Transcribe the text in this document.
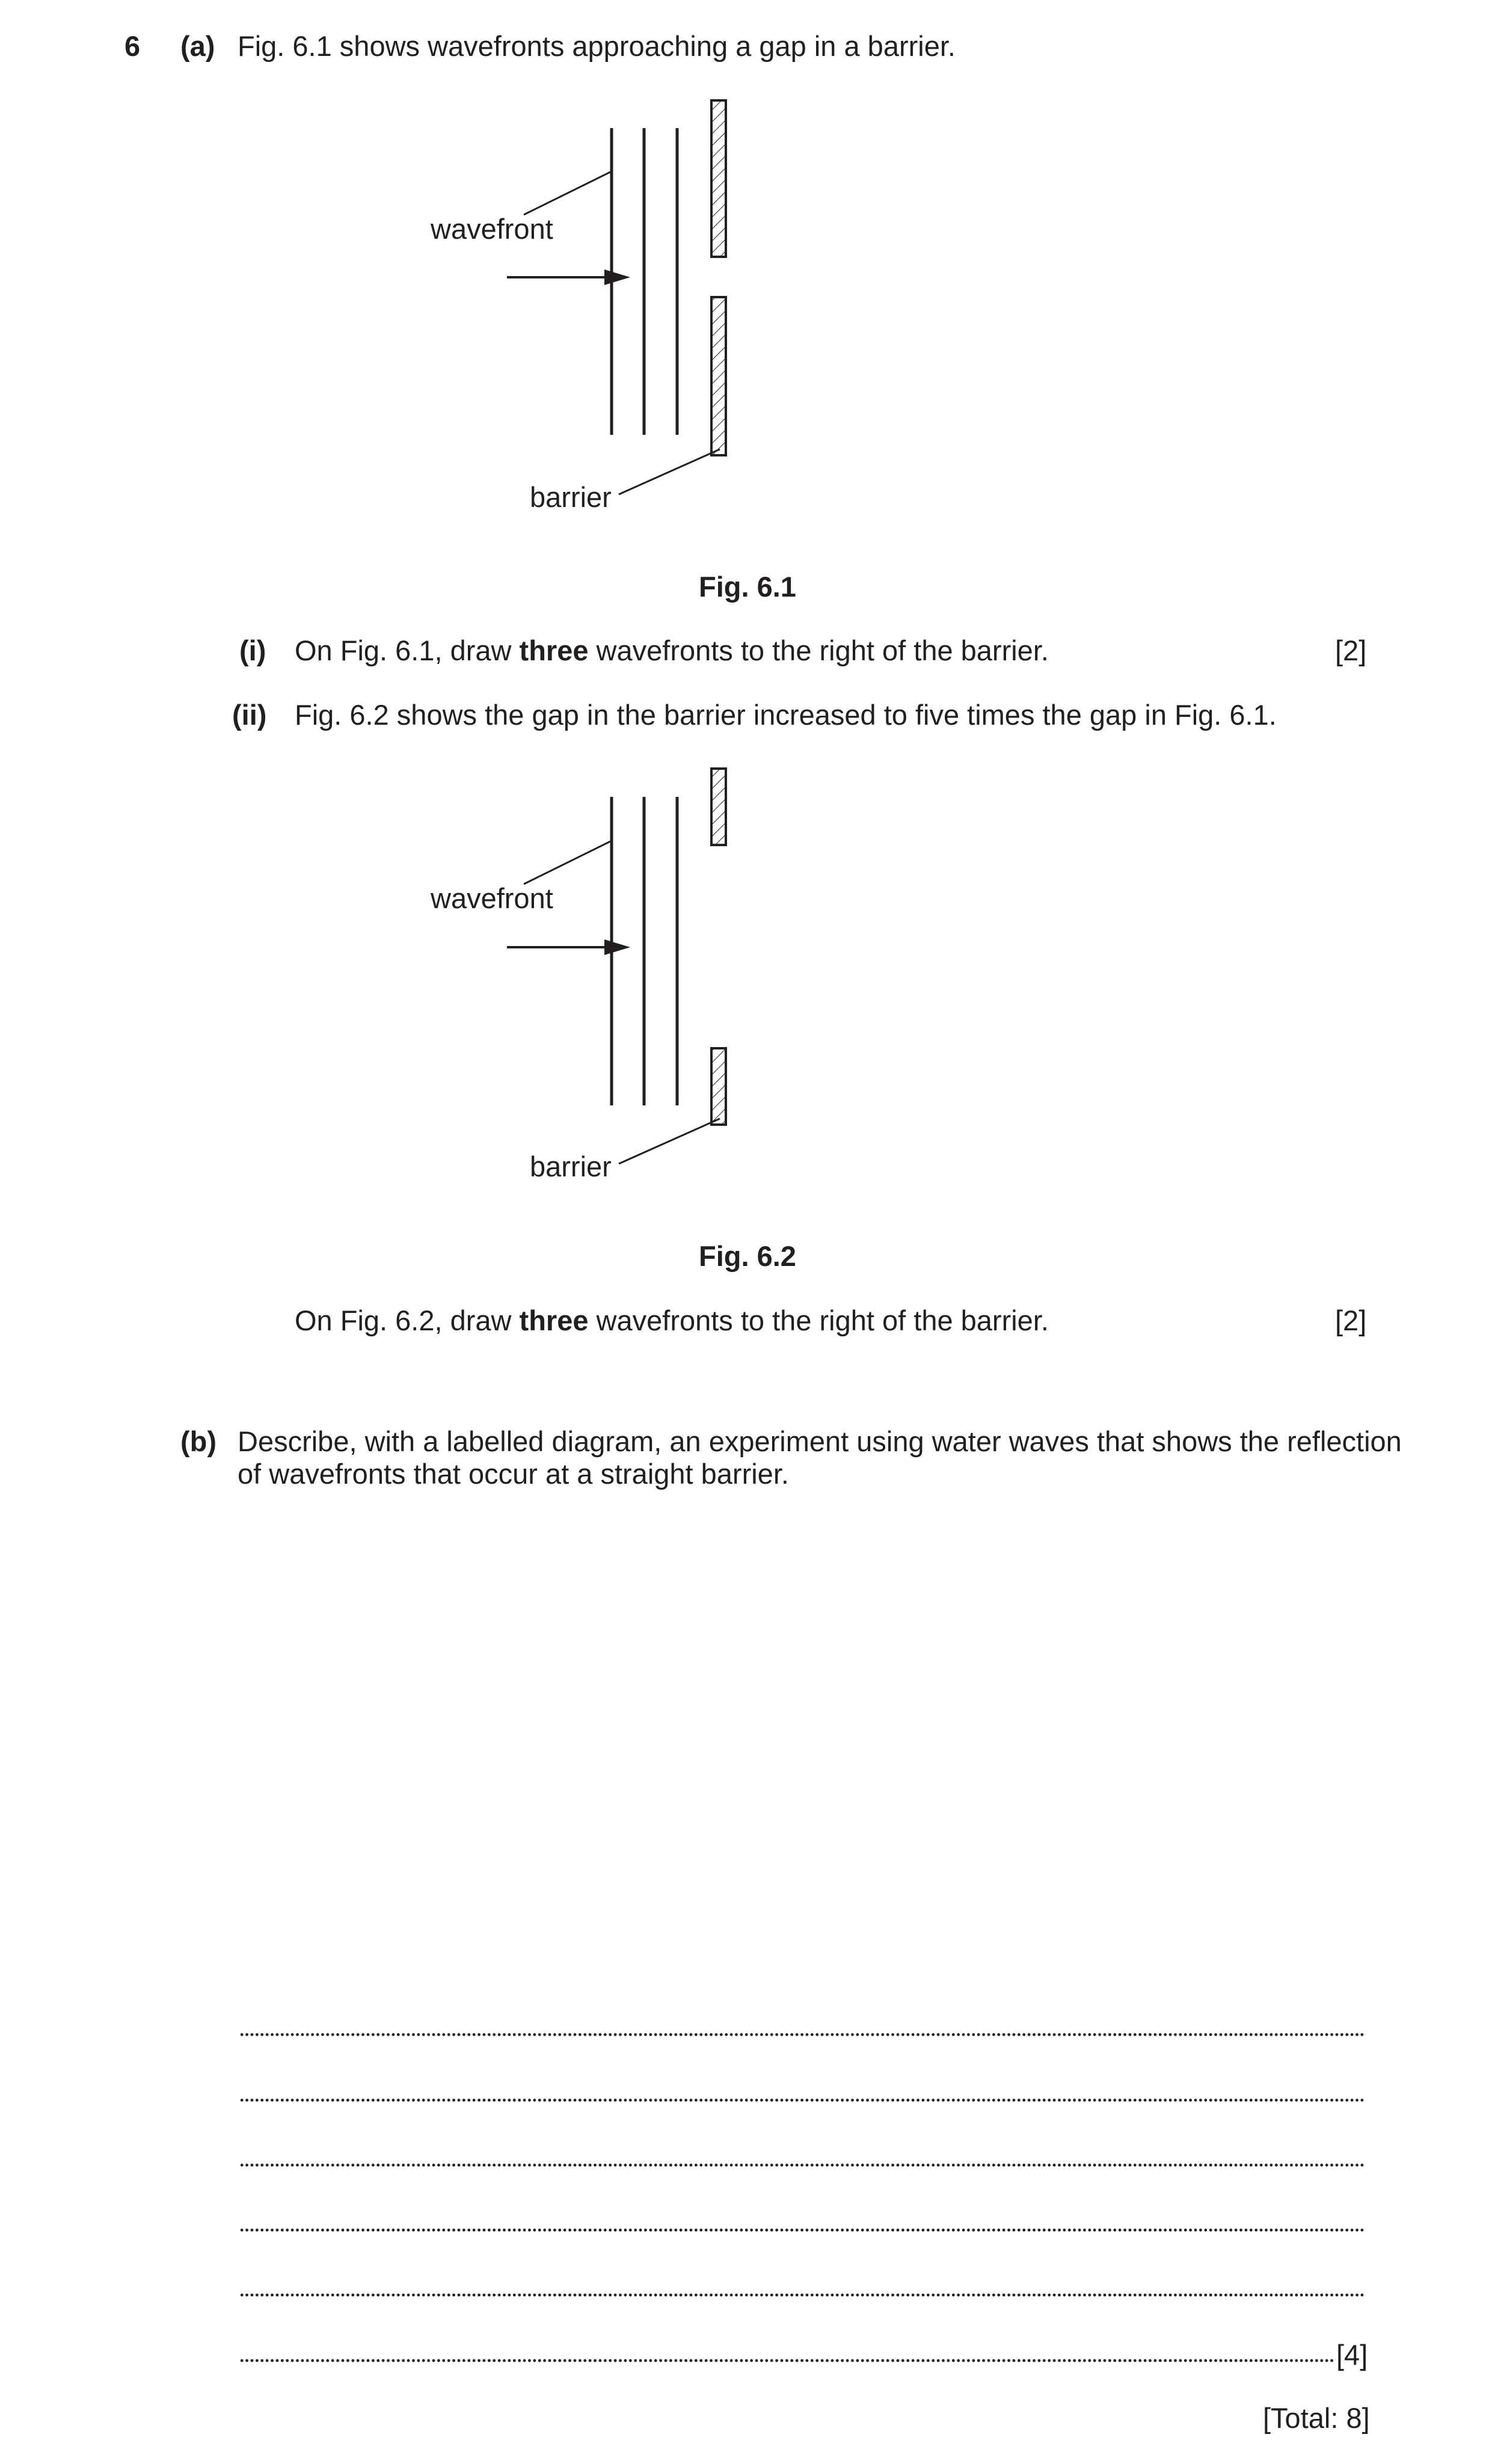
6 (a) Fig. 6.1 shows wavefronts approaching a gap in a barrier.
wavefront
barrier
Fig. 6.1
(i) On Fig. 6.1, draw three wavefronts to the right of the barrier.	[2]
(ii) Fig. 6.2 shows the gap in the barrier increased to five times the gap in Fig. 6.1.
wavefront
barrier
Fig. 6.2
On Fig. 6.2, draw three wavefronts to the right of the barrier.	[2]
(b) Describe, with a labelled diagram, an experiment using water waves that shows the reflection
of wavefronts that occur at a straight barrier.
[4]
[Total: 8]
